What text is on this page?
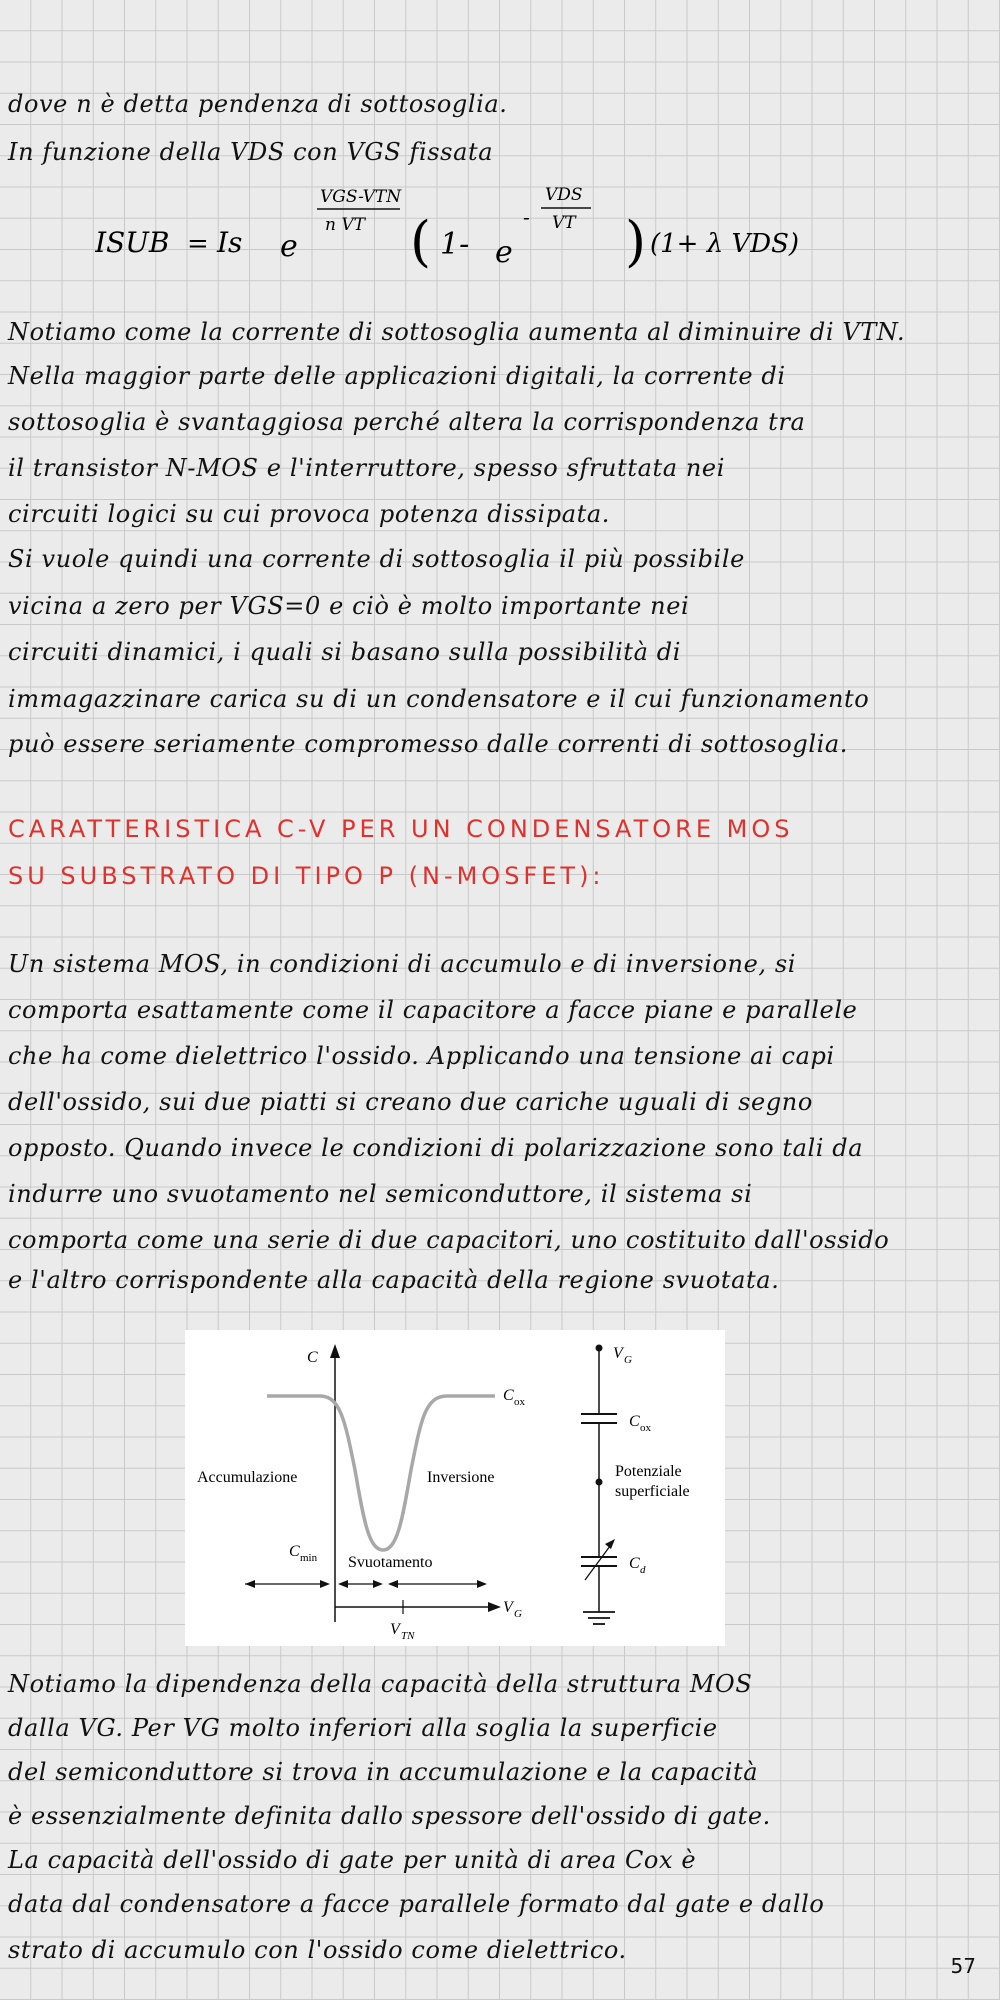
dove n è detta pendenza di sottosoglia.
In funzione della VDS con VGS fissata
ISUB = Is e
VGS-VTN
n VT ( 1- e
-
VDS
VT ) (1+ λ VDS)
Notiamo come la corrente di sottosoglia aumenta al diminuire di VTN.
Nella maggior parte delle applicazioni digitali, la corrente di
sottosoglia è svantaggiosa perché altera la corrispondenza tra
il transistor N-MOS e l'interruttore, spesso sfruttata nei
circuiti logici su cui provoca potenza dissipata.
Si vuole quindi una corrente di sottosoglia il più possibile
vicina a zero per VGS=0 e ciò è molto importante nei
circuiti dinamici, i quali si basano sulla possibilità di
immagazzinare carica su di un condensatore e il cui funzionamento
può essere seriamente compromesso dalle correnti di sottosoglia.
CARATTERISTICA C-V PER UN CONDENSATORE MOS
SU SUBSTRATO DI TIPO P (N-MOSFET):
Un sistema MOS, in condizioni di accumulo e di inversione, si
comporta esattamente come il capacitore a facce piane e parallele
che ha come dielettrico l'ossido. Applicando una tensione ai capi
dell'ossido, sui due piatti si creano due cariche uguali di segno
opposto. Quando invece le condizioni di polarizzazione sono tali da
indurre uno svuotamento nel semiconduttore, il sistema si
comporta come una serie di due capacitori, uno costituito dall'ossido
e l'altro corrispondente alla capacità della regione svuotata.
C
V G
C ox
Accumulazione	Inversione
C min Svuotamento
V TN
V G
C ox
Potenziale
superficiale
C d
Notiamo la dipendenza della capacità della struttura MOS
dalla VG. Per VG molto inferiori alla soglia la superficie
del semiconduttore si trova in accumulazione e la capacità
è essenzialmente definita dallo spessore dell'ossido di gate.
La capacità dell'ossido di gate per unità di area Cox è
data dal condensatore a facce parallele formato dal gate e dallo
strato di accumulo con l'ossido come dielettrico.
57
